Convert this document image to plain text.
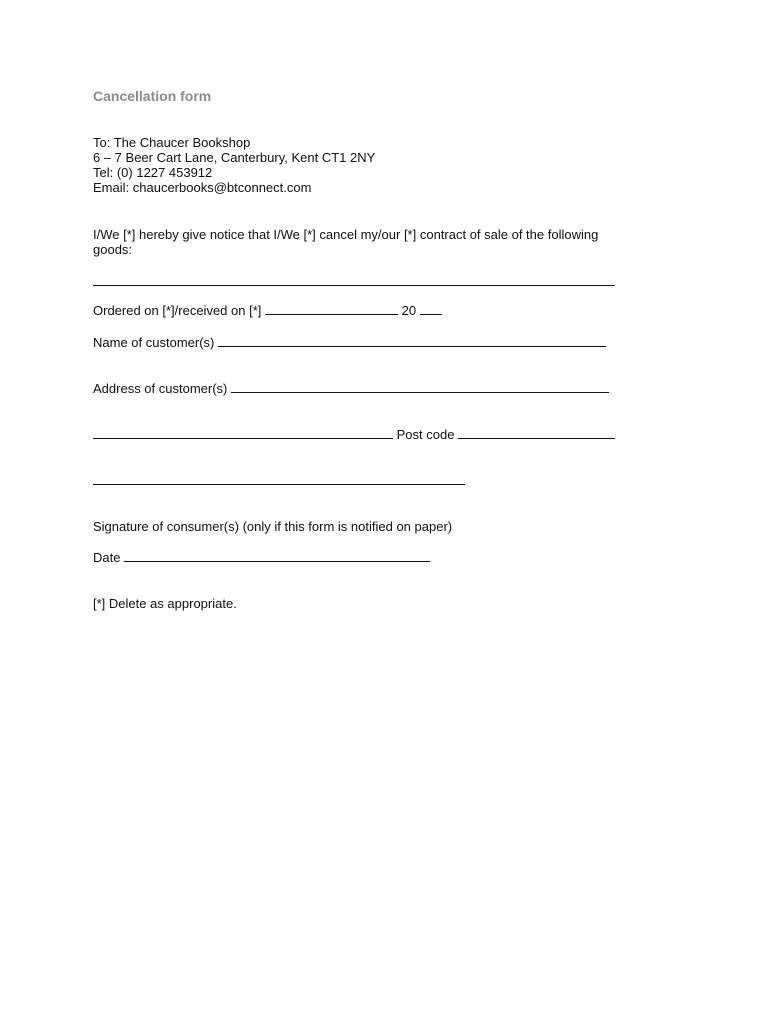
Cancellation form
To: The Chaucer Bookshop
6 – 7 Beer Cart Lane, Canterbury, Kent CT1 2NY
Tel: (0) 1227 453912
Email: chaucerbooks@btconnect.com
I/We [*] hereby give notice that I/We [*] cancel my/our [*] contract of sale of the following
goods:
Ordered on [*]/received on [*]	20
Name of customer(s)
Address of customer(s)
Post code
Signature of consumer(s) (only if this form is notified on paper)
Date
[*] Delete as appropriate.
